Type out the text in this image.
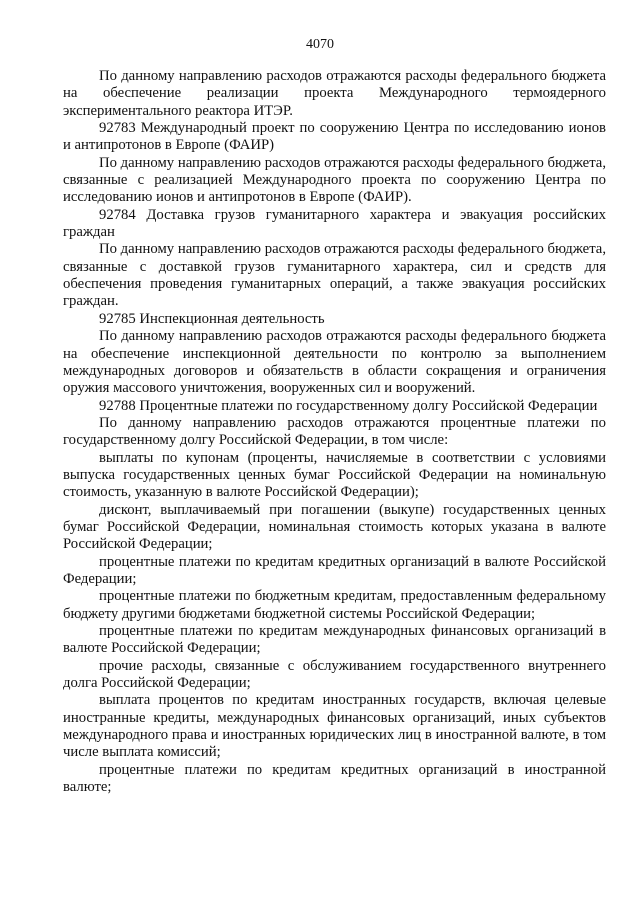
4070

По данному направлению расходов отражаются расходы федерального бюджета на обеспечение реализации проекта Международного термоядерного экспериментального реактора ИТЭР.

92783 Международный проект по сооружению Центра по исследованию ионов и антипротонов в Европе (ФАИР)

По данному направлению расходов отражаются расходы федерального бюджета, связанные с реализацией Международного проекта по сооружению Центра по исследованию ионов и антипротонов в Европе (ФАИР).

92784 Доставка грузов гуманитарного характера и эвакуация российских граждан

По данному направлению расходов отражаются расходы федерального бюджета, связанные с доставкой грузов гуманитарного характера, сил и средств для обеспечения проведения гуманитарных операций, а также эвакуация российских граждан.

92785 Инспекционная деятельность

По данному направлению расходов отражаются расходы федерального бюджета на обеспечение инспекционной деятельности по контролю за выполнением международных договоров и обязательств в области сокращения и ограничения оружия массового уничтожения, вооруженных сил и вооружений.

92788 Процентные платежи по государственному долгу Российской Федерации

По данному направлению расходов отражаются процентные платежи по государственному долгу Российской Федерации, в том числе:

выплаты по купонам (проценты, начисляемые в соответствии с условиями выпуска государственных ценных бумаг Российской Федерации на номинальную стоимость, указанную в валюте Российской Федерации);

дисконт, выплачиваемый при погашении (выкупе) государственных ценных бумаг Российской Федерации, номинальная стоимость которых указана в валюте Российской Федерации;

процентные платежи по кредитам кредитных организаций в валюте Российской Федерации;

процентные платежи по бюджетным кредитам, предоставленным федеральному бюджету другими бюджетами бюджетной системы Российской Федерации;

процентные платежи по кредитам международных финансовых организаций в валюте Российской Федерации;

прочие расходы, связанные с обслуживанием государственного внутреннего долга Российской Федерации;

выплата процентов по кредитам иностранных государств, включая целевые иностранные кредиты, международных финансовых организаций, иных субъектов международного права и иностранных юридических лиц в иностранной валюте, в том числе выплата комиссий;

процентные платежи по кредитам кредитных организаций в иностранной валюте;
